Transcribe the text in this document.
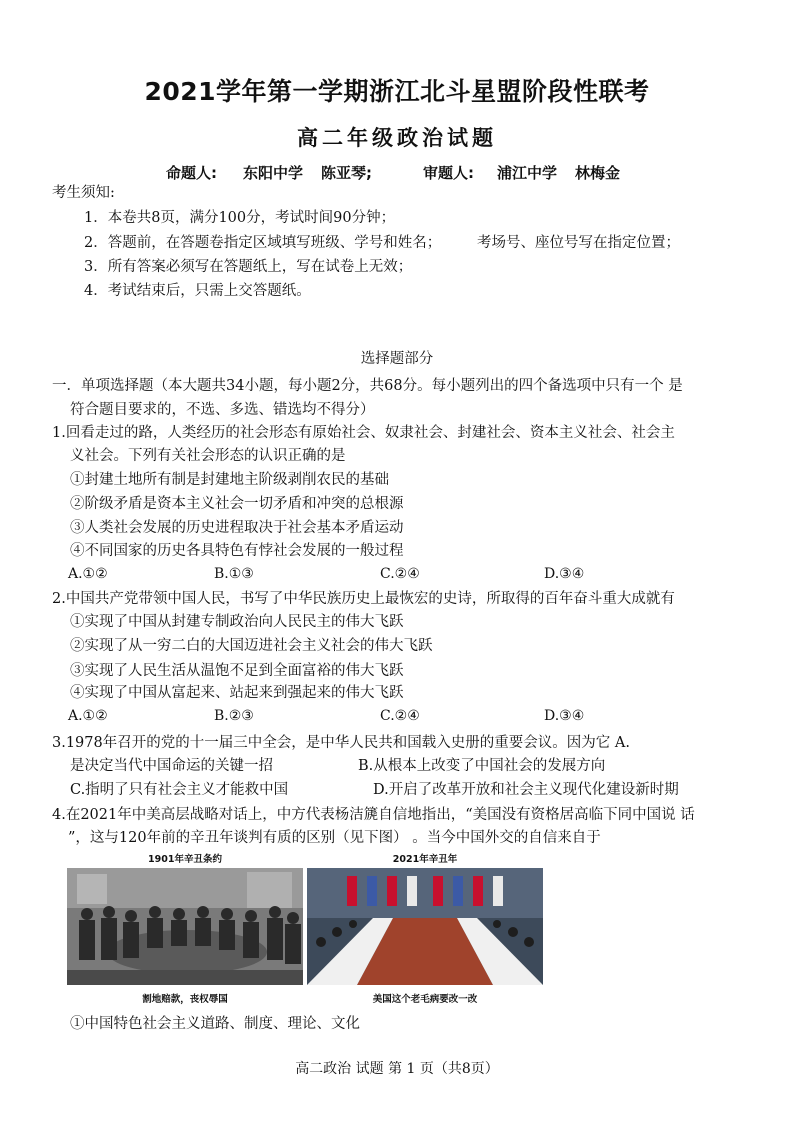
2021学年第一学期浙江北斗星盟阶段性联考
高二年级政治试题
命题人: 东阳中学 陈亚琴;	审题人: 浦江中学 林梅金
考生须知:
1．本卷共8页，满分100分，考试时间90分钟；
2．答题前，在答题卷指定区域填写班级、学号和姓名； 考场号、座位号写在指定位置；
3．所有答案必须写在答题纸上，写在试卷上无效；
4．考试结束后，只需上交答题纸。
选择题部分
一．单项选择题（本大题共34小题，每小题2分，共68分。每小题列出的四个备选项中只有一个 是
符合题目要求的，不选、多选、错选均不得分）
1.回看走过的路，人类经历的社会形态有原始社会、奴隶社会、封建社会、资本主义社会、社会主
义社会。下列有关社会形态的认识正确的是
①封建土地所有制是封建地主阶级剥削农民的基础
②阶级矛盾是资本主义社会一切矛盾和冲突的总根源
③人类社会发展的历史进程取决于社会基本矛盾运动
④不同国家的历史各具特色有悖社会发展的一般过程
A.①②	B.①③	C.②④	D.③④
2.中国共产党带领中国人民，书写了中华民族历史上最恢宏的史诗，所取得的百年奋斗重大成就有
①实现了中国从封建专制政治向人民民主的伟大飞跃
②实现了从一穷二白的大国迈进社会主义社会的伟大飞跃
③实现了人民生活从温饱不足到全面富裕的伟大飞跃
④实现了中国从富起来、站起来到强起来的伟大飞跃
A.①②	B.②③	C.②④	D.③④
3.1978年召开的党的十一届三中全会，是中华人民共和国载入史册的重要会议。因为它 A.
是决定当代中国命运的关键一招	B.从根本上改变了中国社会的发展方向
C.指明了只有社会主义才能救中国	D.开启了改革开放和社会主义现代化建设新时期
4.在2021年中美高层战略对话上，中方代表杨洁篪自信地指出，“美国没有资格居高临下同中国说 话
”，这与120年前的辛丑年谈判有质的区别（见下图） 。当今中国外交的自信来自于
1901年辛丑条约
割地赔款，丧权辱国
2021年辛丑年
美国这个老毛病要改一改
①中国特色社会主义道路、制度、理论、文化
高二政治 试题 第 1 页（共8页）
